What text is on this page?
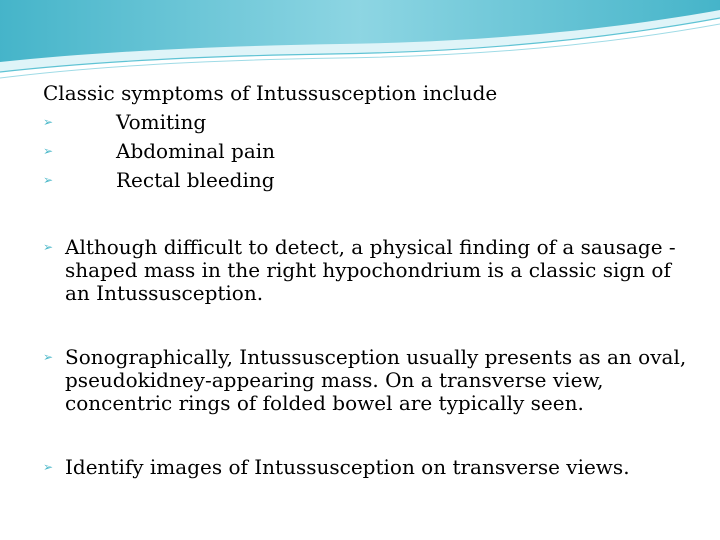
Classic symptoms of Intussusception include

➢	Vomiting
➢	Abdominal pain
➢	Rectal bleeding
➢ Although difficult to detect, a physical finding of a sausage -shaped mass in the right hypochondrium is a classic sign of an Intussusception.
➢ Sonographically, Intussusception usually presents as an oval, pseudokidney-appearing mass. On a transverse view, concentric rings of folded bowel are typically seen.
➢ Identify images of Intussusception on transverse views.
